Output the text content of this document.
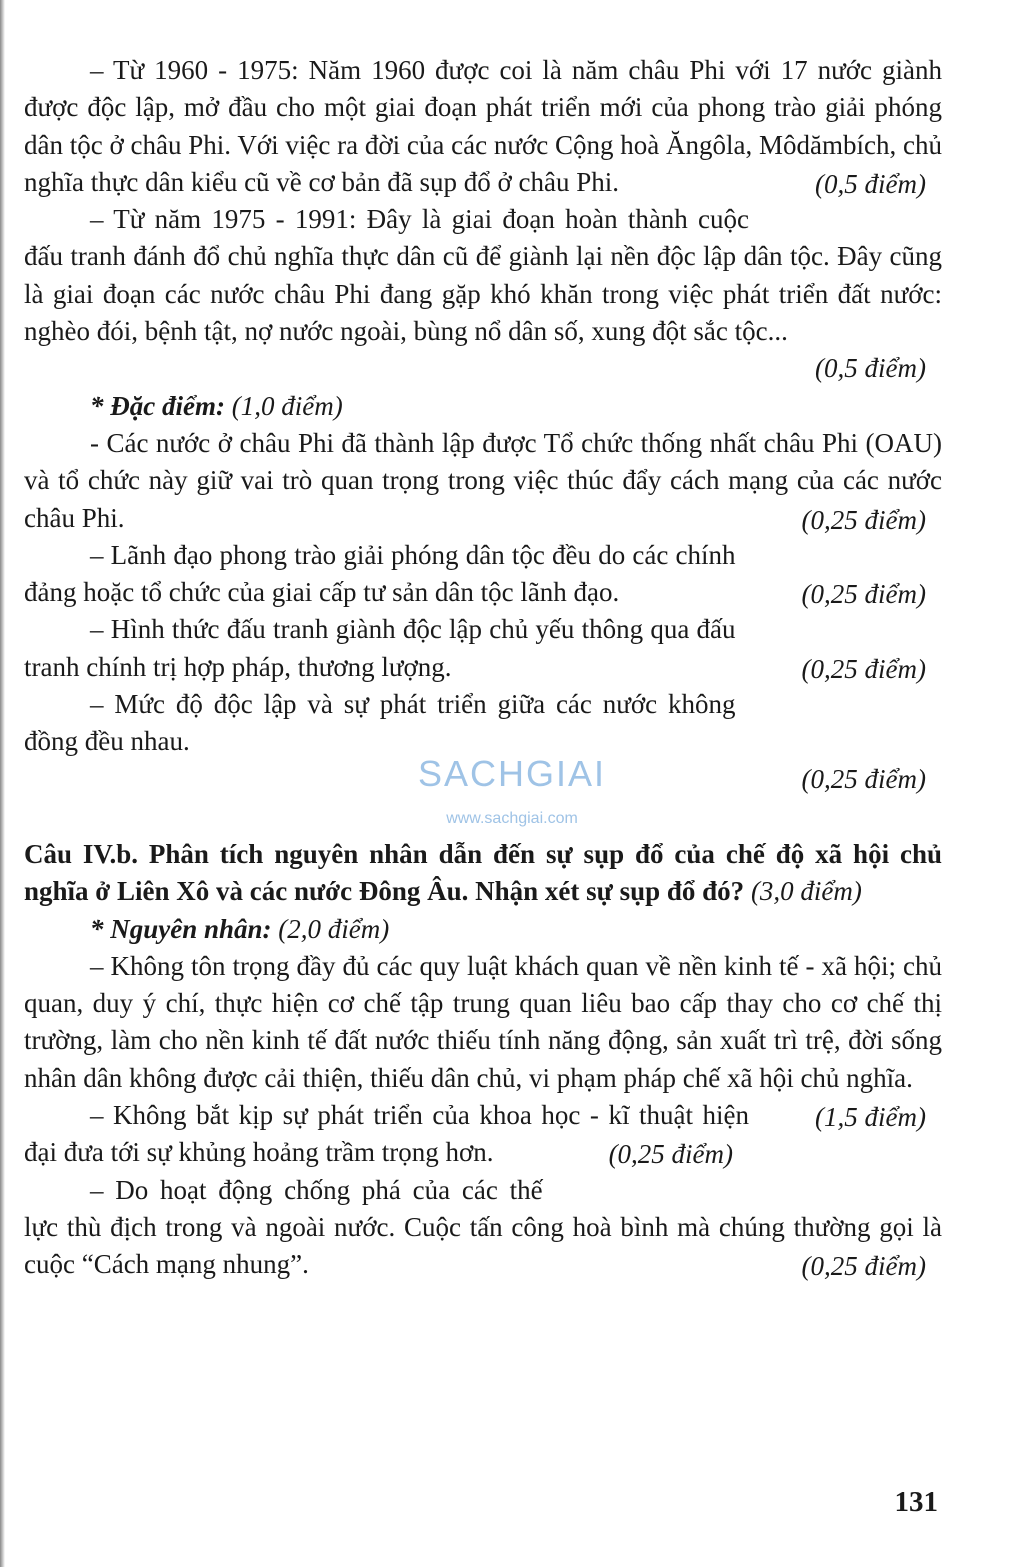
– Từ 1960 - 1975: Năm 1960 được coi là năm châu Phi với 17 nước giành được độc lập, mở đầu cho một giai đoạn phát triển mới của phong trào giải phóng dân tộc ở châu Phi. Với việc ra đời của các nước Cộng hoà Ăngôla, Môdămbích, chủ nghĩa thực dân kiểu cũ về cơ bản đã sụp đổ ở châu Phi.	(0,5 điểm)

– Từ năm 1975 - 1991: Đây là giai đoạn hoàn thành cuộc đấu tranh đánh đổ chủ nghĩa thực dân cũ để giành lại nền độc lập dân tộc. Đây cũng là giai đoạn các nước châu Phi đang gặp khó khăn trong việc phát triển đất nước: nghèo đói, bệnh tật, nợ nước ngoài, bùng nổ dân số, xung đột sắc tộc...

(0,5 điểm)

* Đặc điểm: (1,0 điểm)

- Các nước ở châu Phi đã thành lập được Tổ chức thống nhất châu Phi (OAU) và tổ chức này giữ vai trò quan trọng trong việc thúc đẩy cách mạng của các nước châu Phi.	(0,25 điểm)

– Lãnh đạo phong trào giải phóng dân tộc đều do các chính đảng hoặc tổ chức của giai cấp tư sản dân tộc lãnh đạo.	(0,25 điểm)

– Hình thức đấu tranh giành độc lập chủ yếu thông qua đấu tranh chính trị hợp pháp, thương lượng.	(0,25 điểm)

– Mức độ độc lập và sự phát triển giữa các nước không đồng đều nhau.

(0,25 điểm)

Câu IV.b. Phân tích nguyên nhân dẫn đến sự sụp đổ của chế độ xã hội chủ nghĩa ở Liên Xô và các nước Đông Âu. Nhận xét sự sụp đổ đó? (3,0 điểm)

* Nguyên nhân: (2,0 điểm)

– Không tôn trọng đầy đủ các quy luật khách quan về nền kinh tế - xã hội; chủ quan, duy ý chí, thực hiện cơ chế tập trung quan liêu bao cấp thay cho cơ chế thị trường, làm cho nền kinh tế đất nước thiếu tính năng động, sản xuất trì trệ, đời sống nhân dân không được cải thiện, thiếu dân chủ, vi phạm pháp chế xã hội chủ nghĩa.
(1,5 điểm)

– Không bắt kịp sự phát triển của khoa học - kĩ thuật hiện đại đưa tới sự khủng hoảng trầm trọng hơn.	(0,25 điểm)

– Do hoạt động chống phá của các thế lực thù địch trong và ngoài nước. Cuộc tấn công hoà bình mà chúng thường gọi là cuộc “Cách mạng nhung”.	(0,25 điểm)

SACHGIAI
www.sachgiai.com
131
